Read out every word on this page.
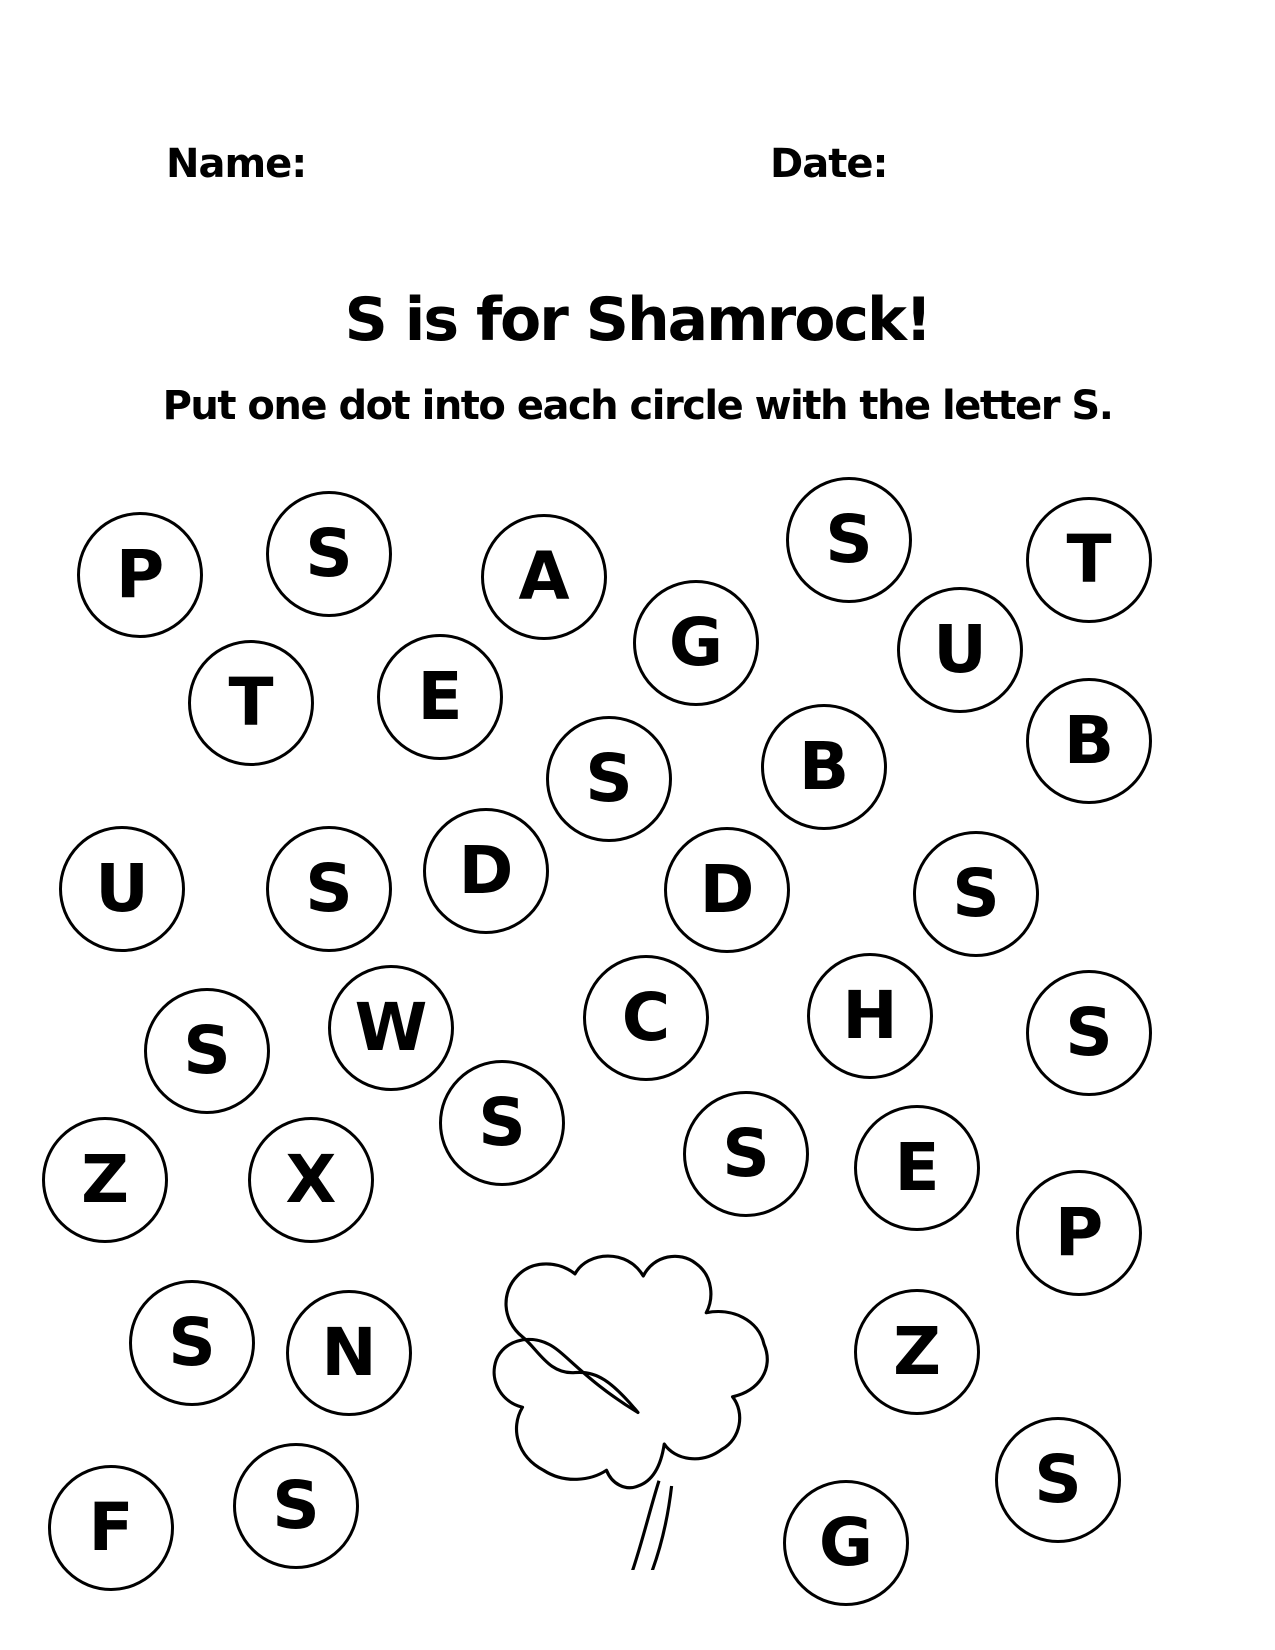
Name:	Date:
S is for Shamrock!
Put one dot into each circle with the letter S.
P S	A	S	T
G	U
T E
S	B	B
U S D	D	S
S W	C	H	S
S
Z X	S E
P
S N	Z
F S	G
S
